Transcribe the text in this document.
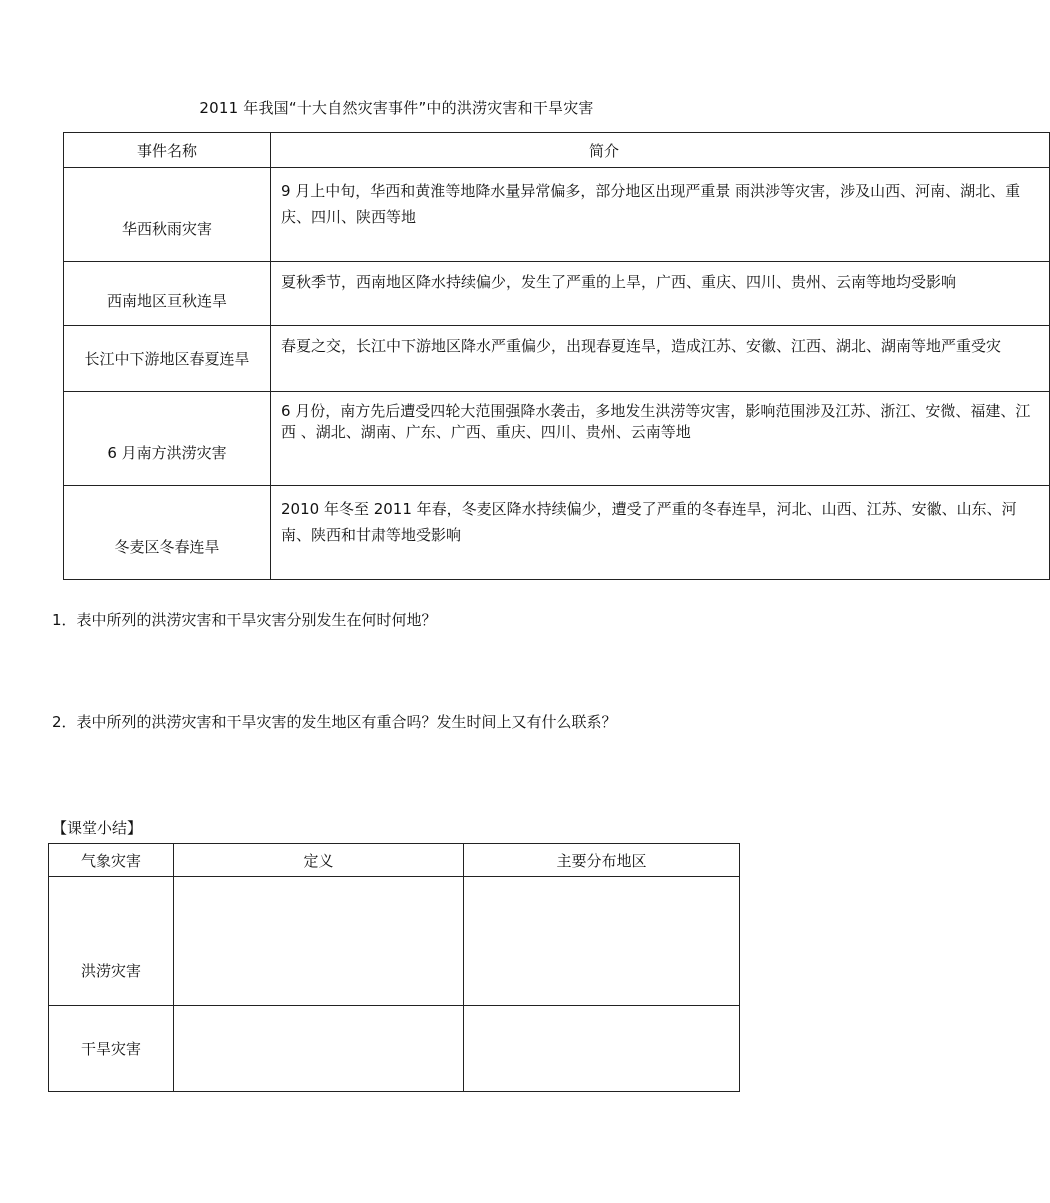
2011 年我国“十大自然灾害事件”中的洪涝灾害和干旱灾害
事件名称	简介
华西秋雨灾害	9 月上中旬，华西和黄淮等地降水量异常偏多，部分地区出现严重景 雨洪涉等灾害，涉及山西、河南、湖北、重庆、四川、陕西等地
西南地区亘秋连旱	夏秋季节，西南地区降水持续偏少，发生了严重的上旱，广西、重庆、四川、贵州、云南等地均受影响
长江中下游地区春夏连旱	春夏之交，长江中下游地区降水严重偏少，出现春夏连旱，造成江苏、安徽、江西、湖北、湖南等地严重受灾
6 月南方洪涝灾害	6 月份，南方先后遭受四轮大范围强降水袭击，多地发生洪涝等灾害，影响范围涉及江苏、浙江、安微、福建、江西 、湖北、湖南、广东、广西、重庆、四川、贵州、云南等地
冬麦区冬春连旱	2010 年冬至 2011 年春，冬麦区降水持续偏少，遭受了严重的冬春连旱，河北、山西、江苏、安徽、山东、河南、陕西和甘肃等地受影响
1．表中所列的洪涝灾害和干旱灾害分别发生在何时何地？
2．表中所列的洪涝灾害和干旱灾害的发生地区有重合吗？发生时间上又有什么联系？
【课堂小结】
气象灾害	定义	主要分布地区
洪涝灾害		
干旱灾害		
